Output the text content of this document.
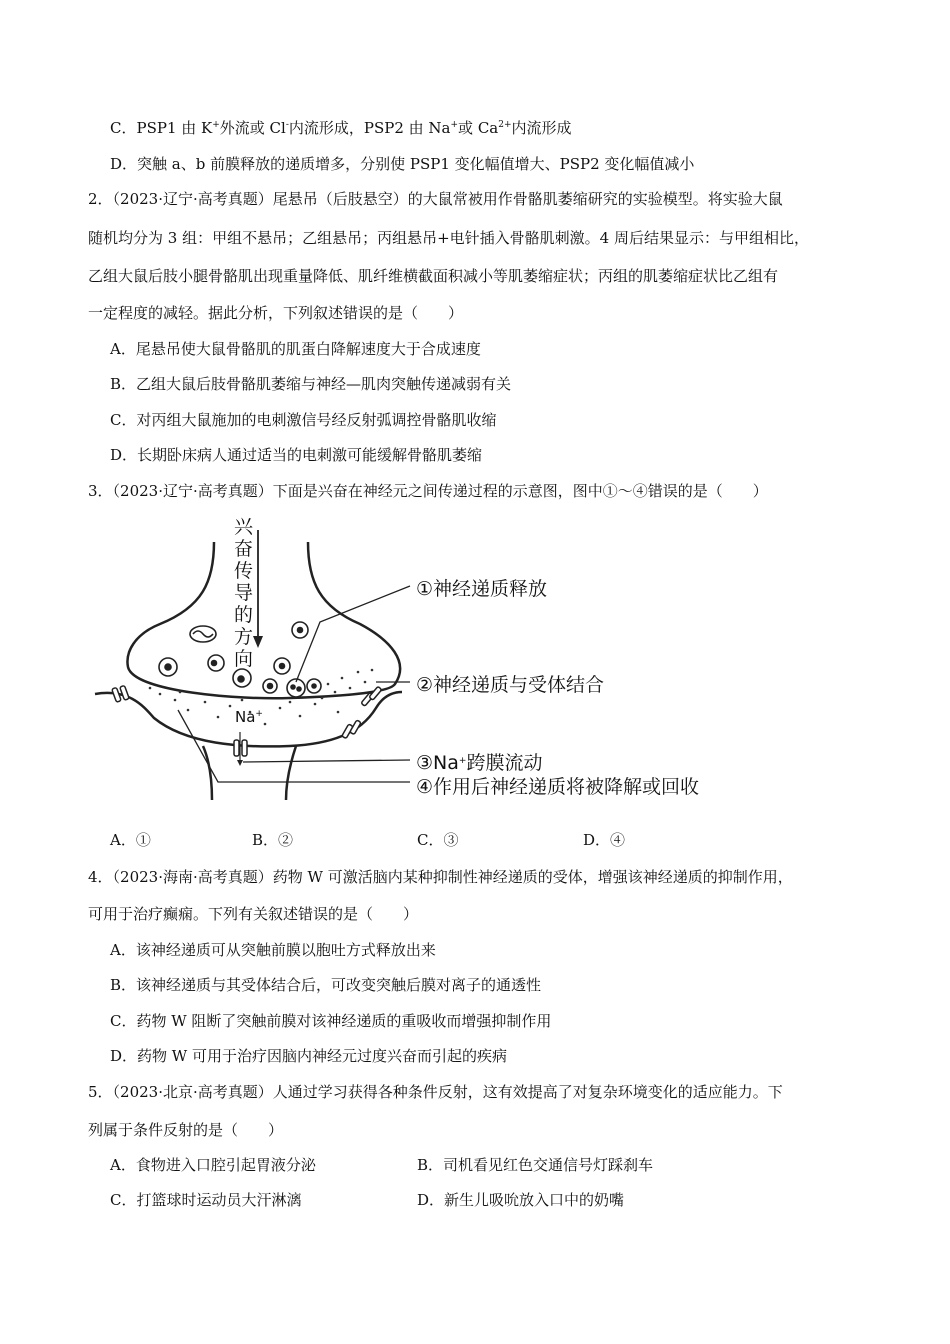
C．PSP1 由 K+外流或 Cl-内流形成，PSP2 由 Na+或 $Ca^{2+}$内流形成
D．突触 a、b 前膜释放的递质增多，分别使 PSP1 变化幅值增大、PSP2 变化幅值减小
2．（2023·辽宁·高考真题）尾悬吊（后肢悬空）的大鼠常被用作骨骼肌萎缩研究的实验模型。将实验大鼠
随机均分为 3 组：甲组不悬吊；乙组悬吊；丙组悬吊+电针插入骨骼肌刺激。4 周后结果显示：与甲组相比，
乙组大鼠后肢小腿骨骼肌出现重量降低、肌纤维横截面积减小等肌萎缩症状；丙组的肌萎缩症状比乙组有
一定程度的减轻。据此分析，下列叙述错误的是（　　）
A．尾悬吊使大鼠骨骼肌的肌蛋白降解速度大于合成速度
B．乙组大鼠后肢骨骼肌萎缩与神经—肌肉突触传递减弱有关
C．对丙组大鼠施加的电刺激信号经反射弧调控骨骼肌收缩
D．长期卧床病人通过适当的电刺激可能缓解骨骼肌萎缩
3．（2023·辽宁·高考真题）下面是兴奋在神经元之间传递过程的示意图，图中①～④错误的是（　　）
兴
奋
传
导
的
方
向
Na+
①神经递质释放
②神经递质与受体结合
③Na+跨膜流动
④作用后神经递质将被降解或回收
A．①	B．②	C．③	D．④
4．（2023·海南·高考真题）药物 W 可激活脑内某种抑制性神经递质的受体，增强该神经递质的抑制作用，
可用于治疗癫痫。下列有关叙述错误的是（　　）
A．该神经递质可从突触前膜以胞吐方式释放出来
B．该神经递质与其受体结合后，可改变突触后膜对离子的通透性
C．药物 W 阻断了突触前膜对该神经递质的重吸收而增强抑制作用
D．药物 W 可用于治疗因脑内神经元过度兴奋而引起的疾病
5．（2023·北京·高考真题）人通过学习获得各种条件反射，这有效提高了对复杂环境变化的适应能力。下
列属于条件反射的是（　　）
A．食物进入口腔引起胃液分泌	B．司机看见红色交通信号灯踩刹车
C．打篮球时运动员大汗淋漓	D．新生儿吸吮放入口中的奶嘴
